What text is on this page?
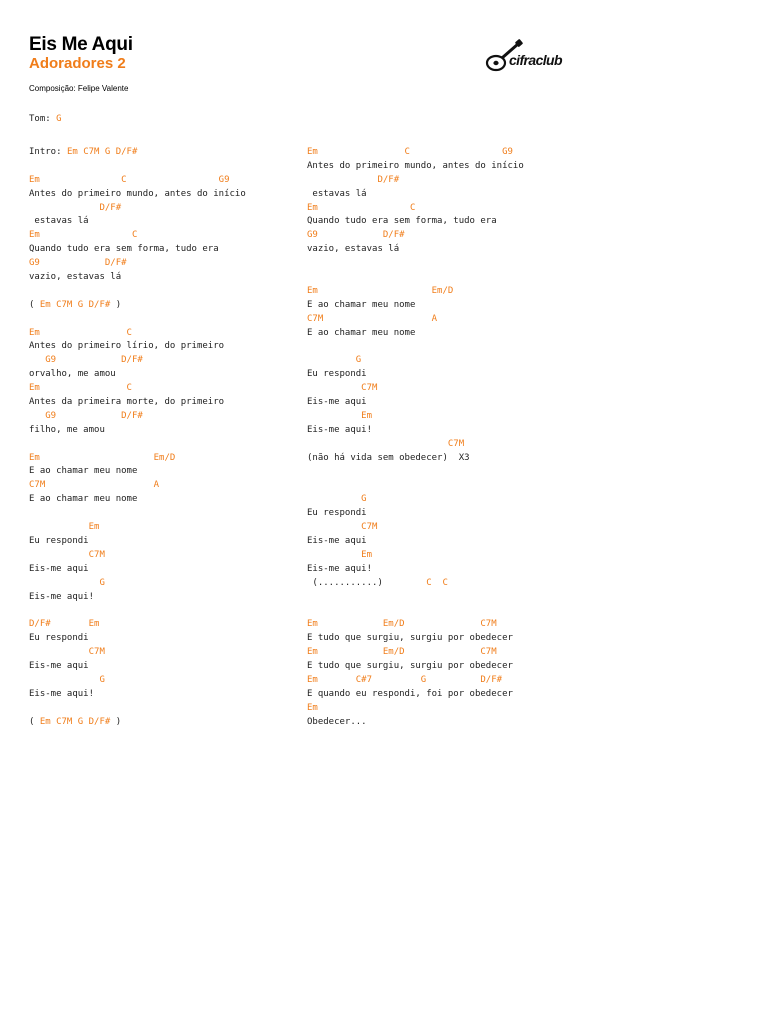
Eis Me Aqui
Adoradores 2
Composição: Felipe Valente
cifraclub
Tom: G
Intro: Em C7M G D/F#
Em               C                 G9
Antes do primeiro mundo, antes do início
D/F#
estavas lá
Em                 C
Quando tudo era sem forma, tudo era
G9            D/F#
vazio, estavas lá
( Em C7M G D/F# )
Em                C
Antes do primeiro lírio, do primeiro
G9            D/F#
orvalho, me amou
Em                C
Antes da primeira morte, do primeiro
G9            D/F#
filho, me amou
Em                     Em/D
E ao chamar meu nome
C7M                    A
E ao chamar meu nome
Em
Eu respondi
C7M
Eis-me aqui
G
Eis-me aqui!
D/F#       Em
Eu respondi
C7M
Eis-me aqui
G
Eis-me aqui!
( Em C7M G D/F# )
Em                C                 G9
Antes do primeiro mundo, antes do início
D/F#
estavas lá
Em                 C
Quando tudo era sem forma, tudo era
G9            D/F#
vazio, estavas lá
Em                     Em/D
E ao chamar meu nome
C7M                    A
E ao chamar meu nome
G
Eu respondi
C7M
Eis-me aqui
Em
Eis-me aqui!
C7M
(não há vida sem obedecer)  X3
G
Eu respondi
C7M
Eis-me aqui
Em
Eis-me aqui!
(...........)        C  C
Em            Em/D              C7M
E tudo que surgiu, surgiu por obedecer
Em            Em/D              C7M
E tudo que surgiu, surgiu por obedecer
Em       C#7         G          D/F#
E quando eu respondi, foi por obedecer
Em
Obedecer...
